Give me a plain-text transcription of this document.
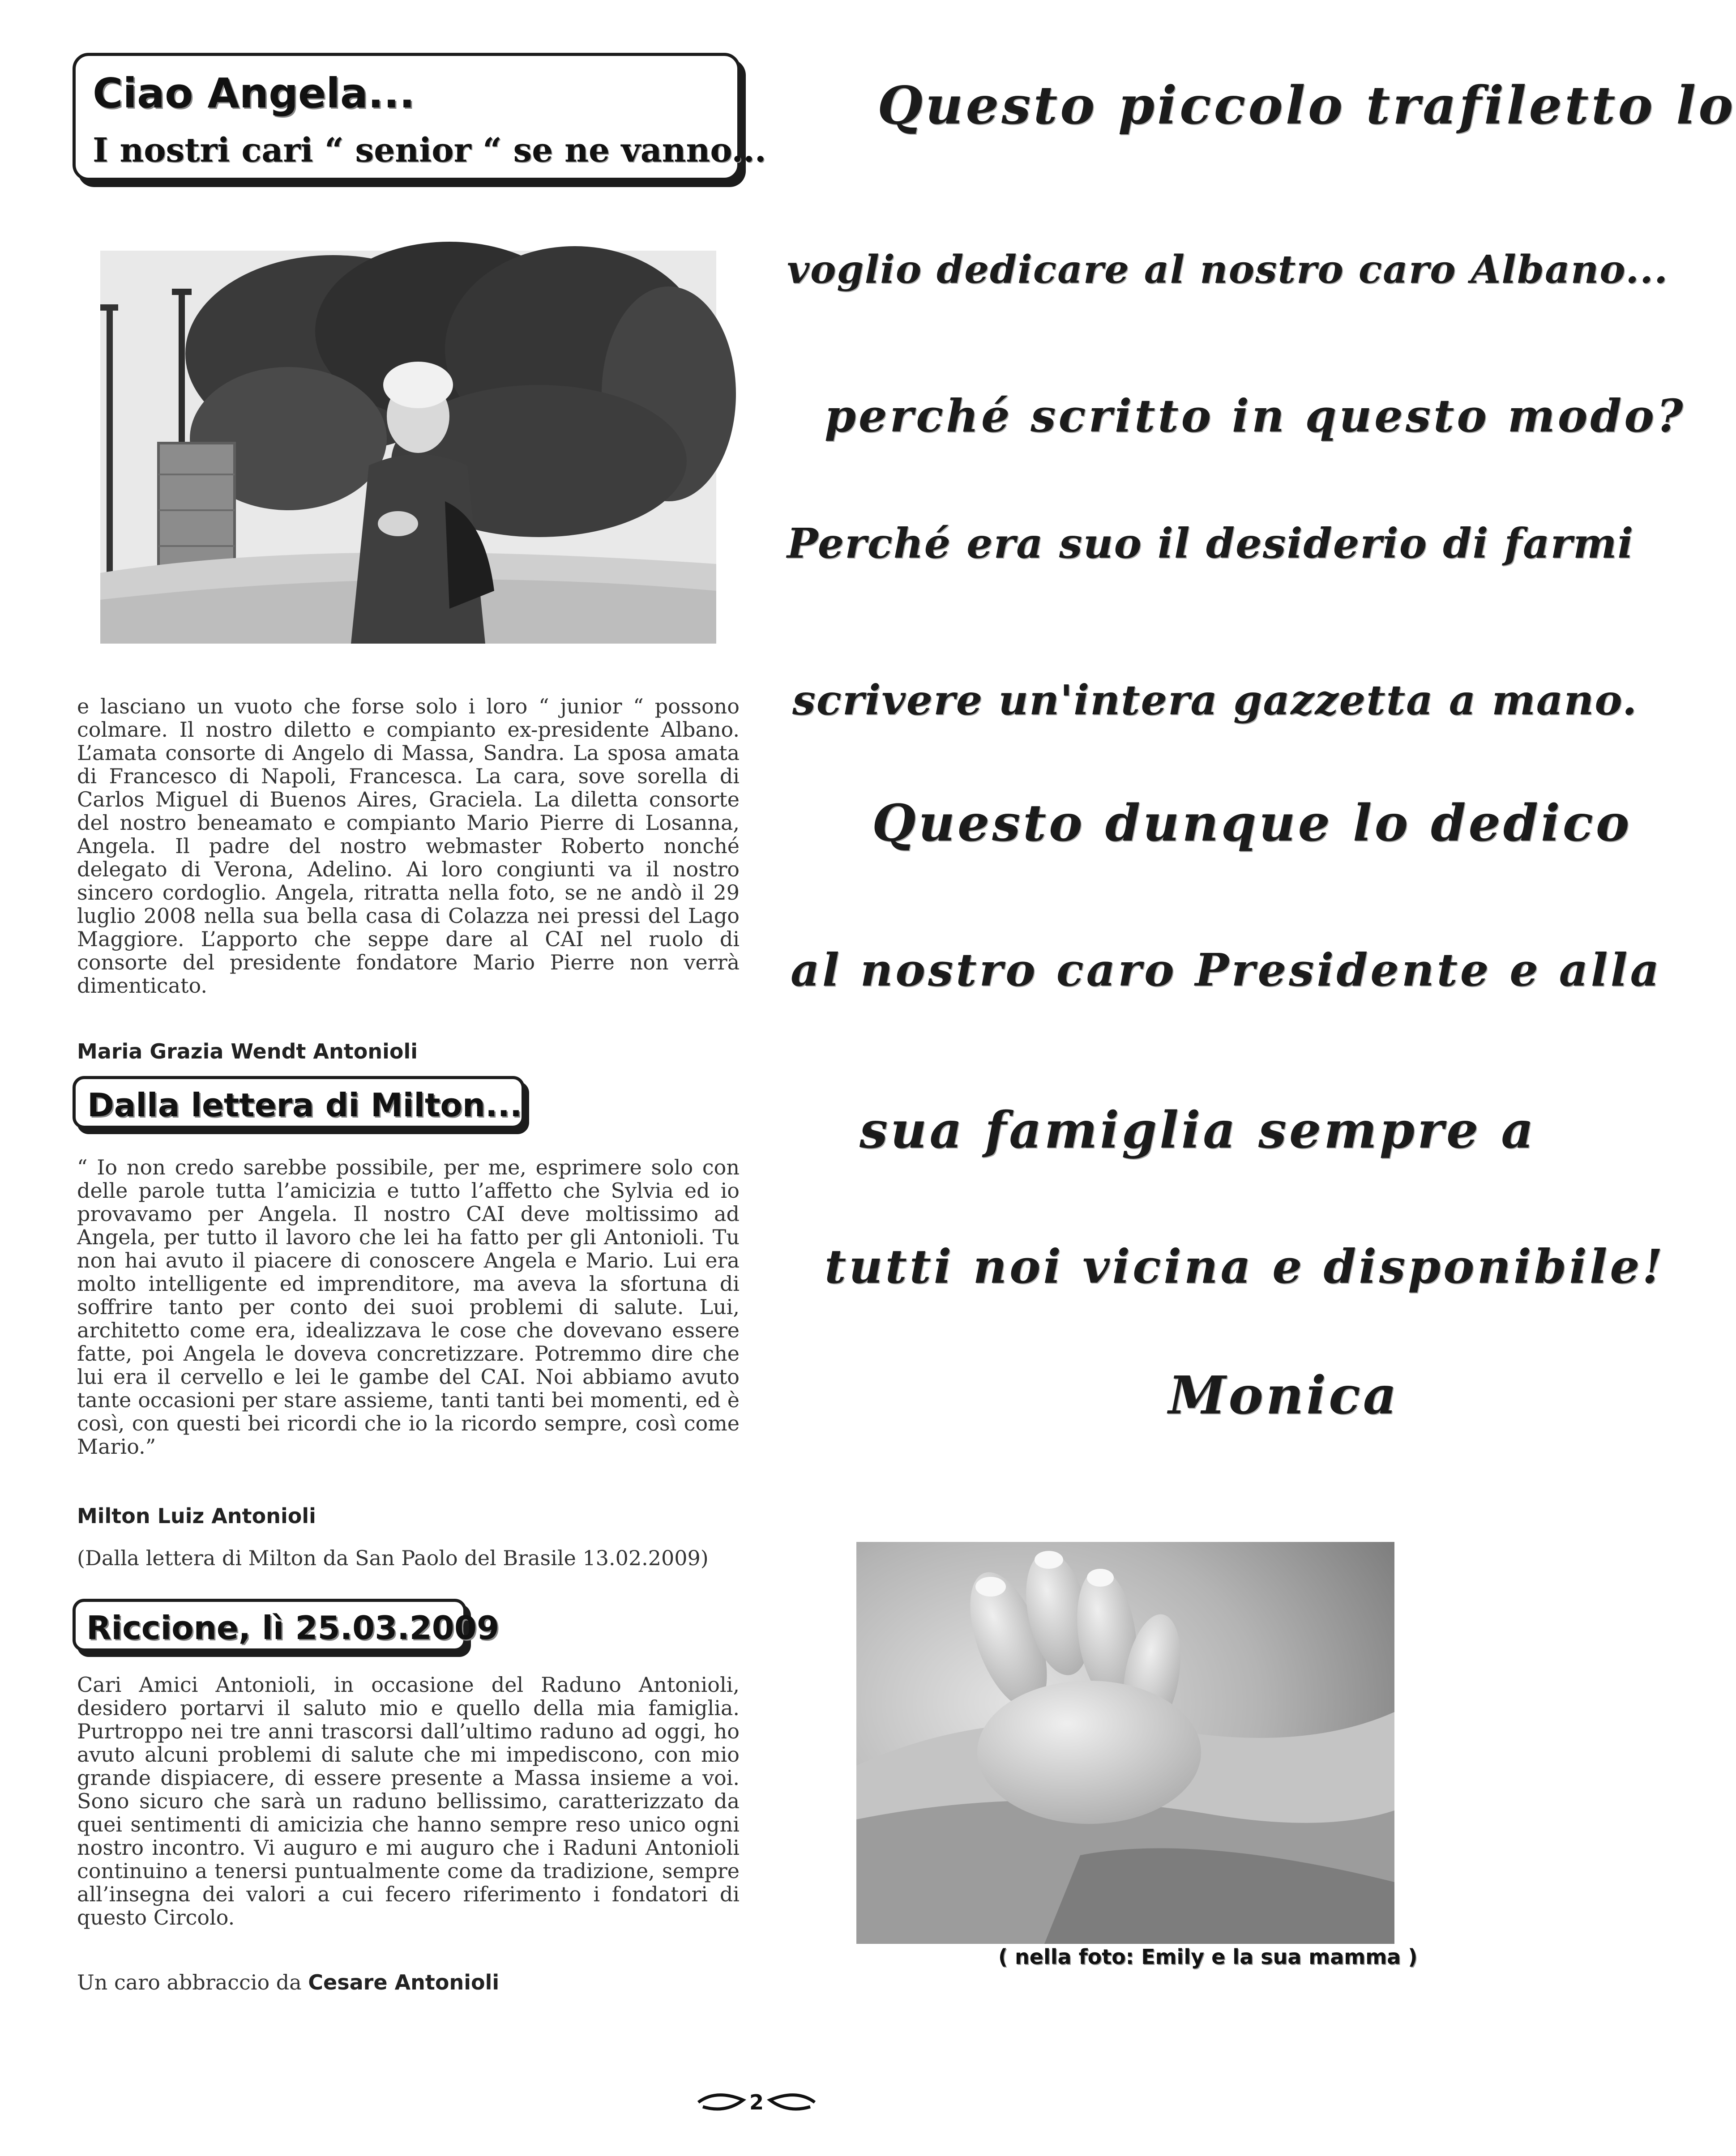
Ciao Angela...
I nostri cari “ senior “ se ne vanno...

e lasciano un vuoto che forse solo i loro “ junior “ possono colmare. Il nostro diletto e compianto ex-presidente Albano. L’amata consorte di Angelo di Massa, Sandra. La sposa amata di Francesco di Napoli, Francesca. La cara, sove sorella di Carlos Miguel di Buenos Aires, Graciela. La diletta consorte del nostro beneamato e compianto Mario Pierre di Losanna, Angela. Il padre del nostro webmaster Roberto nonché delegato di Verona, Adelino. Ai loro congiunti va il nostro sincero cordoglio. Angela, ritratta nella foto, se ne andò il 29 luglio 2008 nella sua bella casa di Colazza nei pressi del Lago Maggiore. L’apporto che seppe dare al CAI nel ruolo di consorte del presidente fondatore Mario Pierre non verrà dimenticato.

Maria Grazia Wendt Antonioli
Dalla lettera di Milton...
“ Io non credo sarebbe possibile, per me, esprimere solo con delle parole tutta l’amicizia e tutto l’affetto che Sylvia ed io provavamo per Angela. Il nostro CAI deve moltissimo ad Angela, per tutto il lavoro che lei ha fatto per gli Antonioli. Tu non hai avuto il piacere di conoscere Angela e Mario. Lui era molto intelligente ed imprenditore, ma aveva la sfortuna di soffrire tanto per conto dei suoi problemi di salute. Lui, architetto come era, idealizzava le cose che dovevano essere fatte, poi Angela le doveva concretizzare. Potremmo dire che lui era il cervello e lei le gambe del CAI. Noi abbiamo avuto tante occasioni per stare assieme, tanti tanti bei momenti, ed è così, con questi bei ricordi che io la ricordo sempre, così come Mario.”
Milton Luiz Antonioli
(Dalla lettera di Milton da San Paolo del Brasile 13.02.2009)
Riccione, lì 25.03.2009
Cari Amici Antonioli, in occasione del Raduno Antonioli, desidero portarvi il saluto mio e quello della mia famiglia. Purtroppo nei tre anni trascorsi dall’ultimo raduno ad oggi, ho avuto alcuni problemi di salute che mi impediscono, con mio grande dispiacere, di essere presente a Massa insieme a voi. Sono sicuro che sarà un raduno bellissimo, caratterizzato da quei sentimenti di amicizia che hanno sempre reso unico ogni nostro incontro. Vi auguro e mi auguro che i Raduni Antonioli continuino a tenersi puntualmente come da tradizione, sempre all’insegna dei valori a cui fecero riferimento i fondatori di questo Circolo.
Un caro abbraccio da Cesare Antonioli
Questo piccolo trafiletto lo
voglio dedicare al nostro caro Albano...
perché scritto in questo modo?
Perché era suo il desiderio di farmi
scrivere un'intera gazzetta a mano.
Questo dunque lo dedico
al nostro caro Presidente e alla
sua famiglia sempre a
tutti noi vicina e disponibile!
Monica
( nella foto: Emily e la sua mamma )
2
